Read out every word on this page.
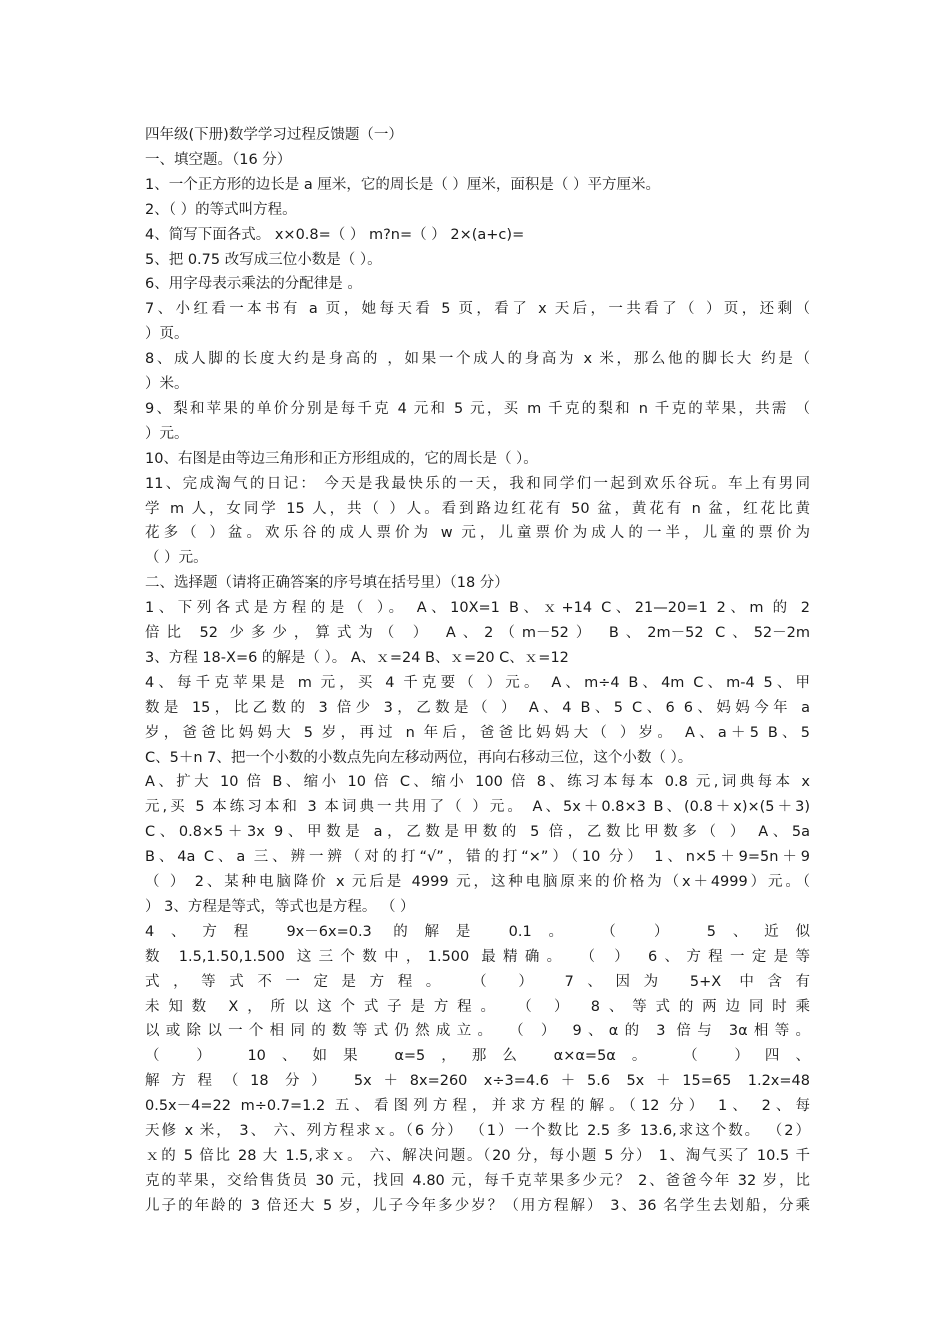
四年级(下册)数学学习过程反馈题（一）
一、填空题。（16 分）
1、一个正方形的边长是 a 厘米，它的周长是（ ）厘米，面积是（ ）平方厘米。
2、（ ）的等式叫方程。
4、简写下面各式。 x×0.8=（ ） m?n=（ ） 2×(a+c)=
5、把 0.75 改写成三位小数是（ ）。
6、用字母表示乘法的分配律是 。
7、小红看一本书有 a 页，她每天看 5 页，看了 x 天后，一共看了（ ）页，还剩（
）页。
8、成人脚的长度大约是身高的 ，如果一个成人的身高为 x 米，那么他的脚长大 约是（
）米。
9、梨和苹果的单价分别是每千克 4 元和 5 元，买 m 千克的梨和 n 千克的苹果，共需 （
）元。
10、右图是由等边三角形和正方形组成的，它的周长是（ ）。
11、完成淘气的日记： 今天是我最快乐的一天，我和同学们一起到欢乐谷玩。车上有男同
学 m 人，女同学 15 人，共（ ）人。看到路边红花有 50 盆，黄花有 n 盆，红花比黄
花多（ ）盆。欢乐谷的成人票价为 w 元，儿童票价为成人的一半，儿童的票价为
（ ）元。
二、选择题（请将正确答案的序号填在括号里）（18 分）
1、下列各式是方程的是（ ）。 A、10X=1 B、ｘ+14 C、21—20=1 2、m 的 2
倍比 52 少多少，算式为（ ） A、2（m－52） B、2m－52 C、52－2m
3、方程 18-X=6 的解是（ ）。 A、ｘ=24 B、ｘ=20 C、ｘ=12
4、每千克苹果是 m 元，买 4 千克要（ ）元。 A、m÷4 B、4m C、m-4 5、甲
数是 15，比乙数的 3 倍少 3，乙数是（ ） A、4 B、5 C、6 6、妈妈今年 a
岁，爸爸比妈妈大 5 岁，再过 n 年后，爸爸比妈妈大（ ）岁。 A、a＋5 B、5
C、5＋n 7、把一个小数的小数点先向左移动两位，再向右移动三位，这个小数（ ）。
A、扩大 10 倍 B、缩小 10 倍 C、缩小 100 倍 8、练习本每本 0.8 元,词典每本 x
元,买 5 本练习本和 3 本词典一共用了（ ）元。 A、5x＋0.8×3 B、(0.8＋x)×(5＋3)
C、0.8×5＋3x 9、甲数是 a，乙数是甲数的 5 倍，乙数比甲数多（ ） A、5a
B、4a C、a 三、辨一辨（对的打“√”，错的打“×”）（10 分） 1、n×5＋9=5n＋9
（ ） 2、某种电脑降价 x 元后是 4999 元，这种电脑原来的价格为（x＋4999）元。（
） 3、方程是等式，等式也是方程。 （ ）
4、方程 9x－6x=0.3 的解是 0.1。 （ ） 5、近似
数 1.5,1.50,1.500 这三个数中，1.500 最精确。 （ ） 6、方程一定是等
式，等式不一定是方程。 （ ） 7、因为 5+X 中含有
未知数 X，所以这个式子是方程。 （ ） 8、等式的两边同时乘
以或除以一个相同的数等式仍然成立。 （ ） 9、α的 3 倍与 3α相等。
（ ） 10、如果 α=5，那么 α×α=5α。 （ ）四、
解方程（18 分） 5x＋8x=260 x÷3=4.6＋5.6 5x＋15=65 1.2x=48
0.5x－4=22 m÷0.7=1.2 五、看图列方程，并求方程的解。（12 分） 1、 2、每
天修 x 米， 3、 六、列方程求ｘ。（6 分） （1）一个数比 2.5 多 13.6,求这个数。 （2）
ｘ的 5 倍比 28 大 1.5,求ｘ。 六、解决问题。（20 分，每小题 5 分） 1、淘气买了 10.5 千
克的苹果，交给售货员 30 元，找回 4.80 元，每千克苹果多少元？ 2、爸爸今年 32 岁，比
儿子的年龄的 3 倍还大 5 岁，儿子今年多少岁？（用方程解） 3、36 名学生去划船，分乘
